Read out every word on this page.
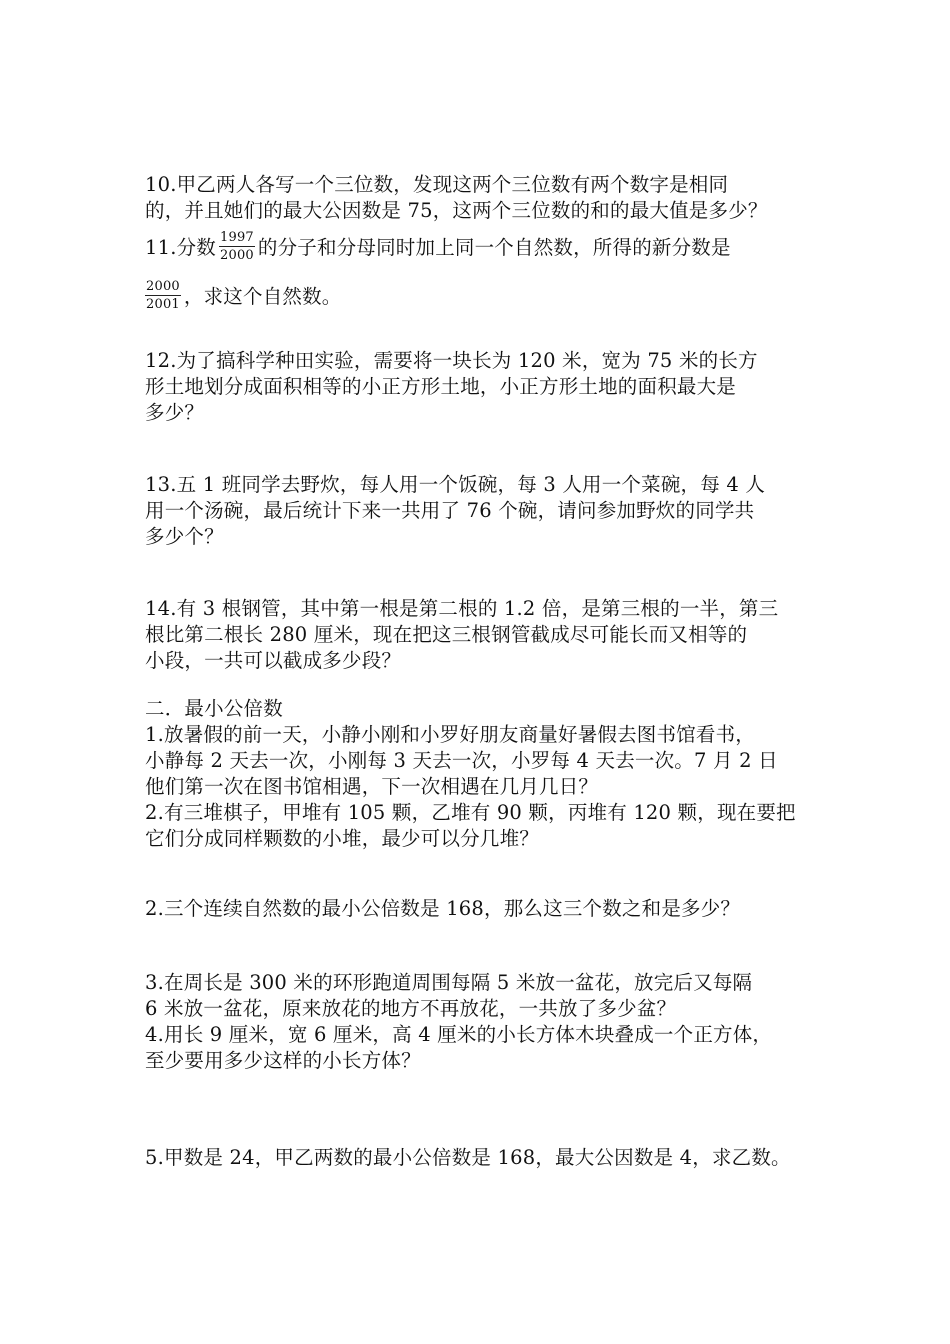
10.甲乙两人各写一个三位数，发现这两个三位数有两个数字是相同
的，并且她们的最大公因数是 75，这两个三位数的和的最大值是多少？
11.分数 $\frac{1997}{2000}$ 的分子和分母同时加上同一个自然数，所得的新分数是
$\frac{2000}{2001}$ ，求这个自然数。
12.为了搞科学种田实验，需要将一块长为 120 米，宽为 75 米的长方
形土地划分成面积相等的小正方形土地，小正方形土地的面积最大是
多少？
13.五 1 班同学去野炊，每人用一个饭碗，每 3 人用一个菜碗，每 4 人
用一个汤碗，最后统计下来一共用了 76 个碗，请问参加野炊的同学共
多少个？
14.有 3 根钢管，其中第一根是第二根的 1.2 倍，是第三根的一半，第三
根比第二根长 280 厘米，现在把这三根钢管截成尽可能长而又相等的
小段，一共可以截成多少段？
二．最小公倍数
1.放暑假的前一天，小静小刚和小罗好朋友商量好暑假去图书馆看书，
小静每 2 天去一次，小刚每 3 天去一次，小罗每 4 天去一次。7 月 2 日
他们第一次在图书馆相遇，下一次相遇在几月几日？
2.有三堆棋子，甲堆有 105 颗，乙堆有 90 颗，丙堆有 120 颗，现在要把
它们分成同样颗数的小堆，最少可以分几堆？
2.三个连续自然数的最小公倍数是 168，那么这三个数之和是多少？
3.在周长是 300 米的环形跑道周围每隔 5 米放一盆花，放完后又每隔
6 米放一盆花，原来放花的地方不再放花，一共放了多少盆？
4.用长 9 厘米，宽 6 厘米，高 4 厘米的小长方体木块叠成一个正方体，
至少要用多少这样的小长方体？
5.甲数是 24，甲乙两数的最小公倍数是 168，最大公因数是 4，求乙数。
